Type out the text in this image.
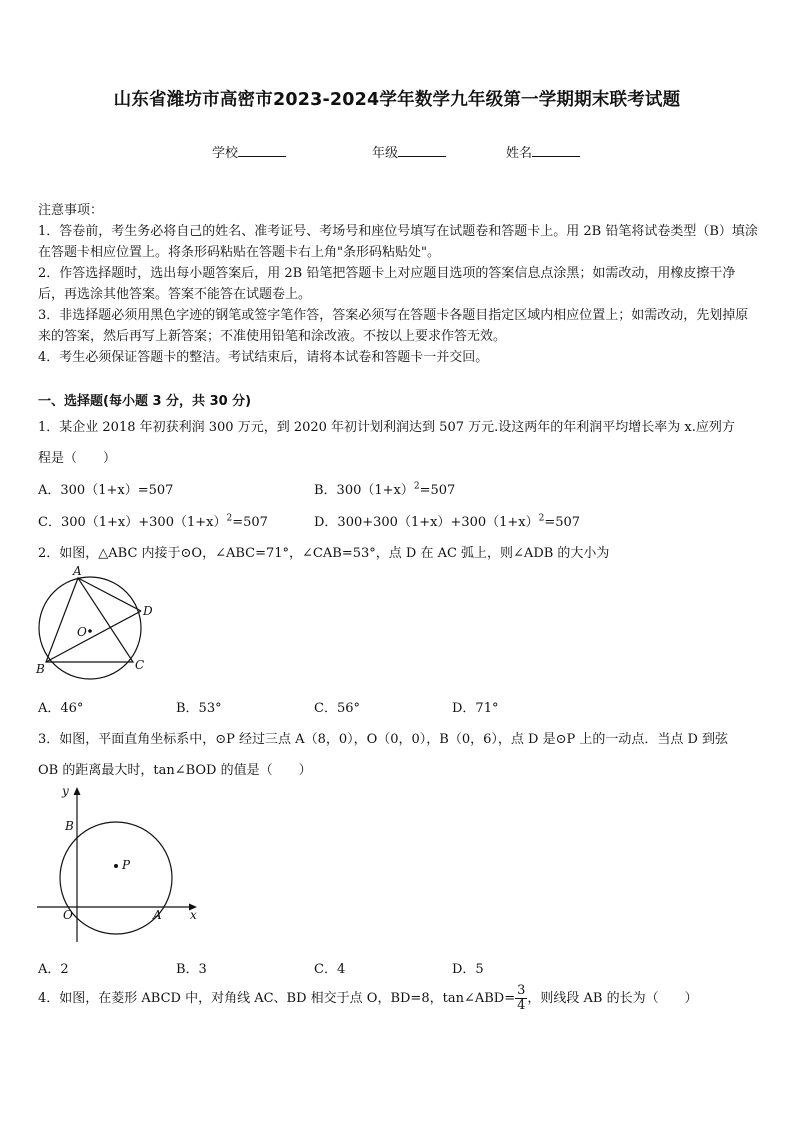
山东省潍坊市高密市2023-2024学年数学九年级第一学期期末联考试题
学校	年级	姓名
注意事项：
1．答卷前，考生务必将自己的姓名、准考证号、考场号和座位号填写在试题卷和答题卡上。用 2B 铅笔将试卷类型（B）填涂在答题卡相应位置上。将条形码粘贴在答题卡右上角"条形码粘贴处"。
2．作答选择题时，选出每小题答案后，用 2B 铅笔把答题卡上对应题目选项的答案信息点涂黑；如需改动，用橡皮擦干净后，再选涂其他答案。答案不能答在试题卷上。
3．非选择题必须用黑色字迹的钢笔或签字笔作答，答案必须写在答题卡各题目指定区域内相应位置上；如需改动，先划掉原来的答案，然后再写上新答案；不准使用铅笔和涂改液。不按以上要求作答无效。
4．考生必须保证答题卡的整洁。考试结束后，请将本试卷和答题卡一并交回。
一、选择题(每小题 3 分，共 30 分)
1．某企业 2018 年初获利润 300 万元，到 2020 年初计划利润达到 507 万元.设这两年的年利润平均增长率为 x.应列方
程是（　　）
A．300（1+x）=507	B．$300(1+x)^2=507$
C．$300(1+x)+300(1+x)^2=507$	D．$300+300(1+x)+300(1+x)^2=507$
2．如图，△ABC 内接于⊙O，∠ABC=71°，∠CAB=53°，点 D 在 AC 弧上，则∠ADB 的大小为
A
D
O
B	C
A．46°	B．53°	C．56°	D．71°
3．如图，平面直角坐标系中，⊙P 经过三点 A（8，0），O（0，0），B（0，6），点 D 是⊙P 上的一动点．当点 D 到弦
OB 的距离最大时，tan∠BOD 的值是（　　）
y
x
B
P
O	A
A．2	B．3	C．4	D．5
4．如图，在菱形 ABCD 中，对角线 AC、BD 相交于点 O，BD=8，tan∠ABD= $\frac{3}{4}$ ，则线段 AB 的长为（　　）
